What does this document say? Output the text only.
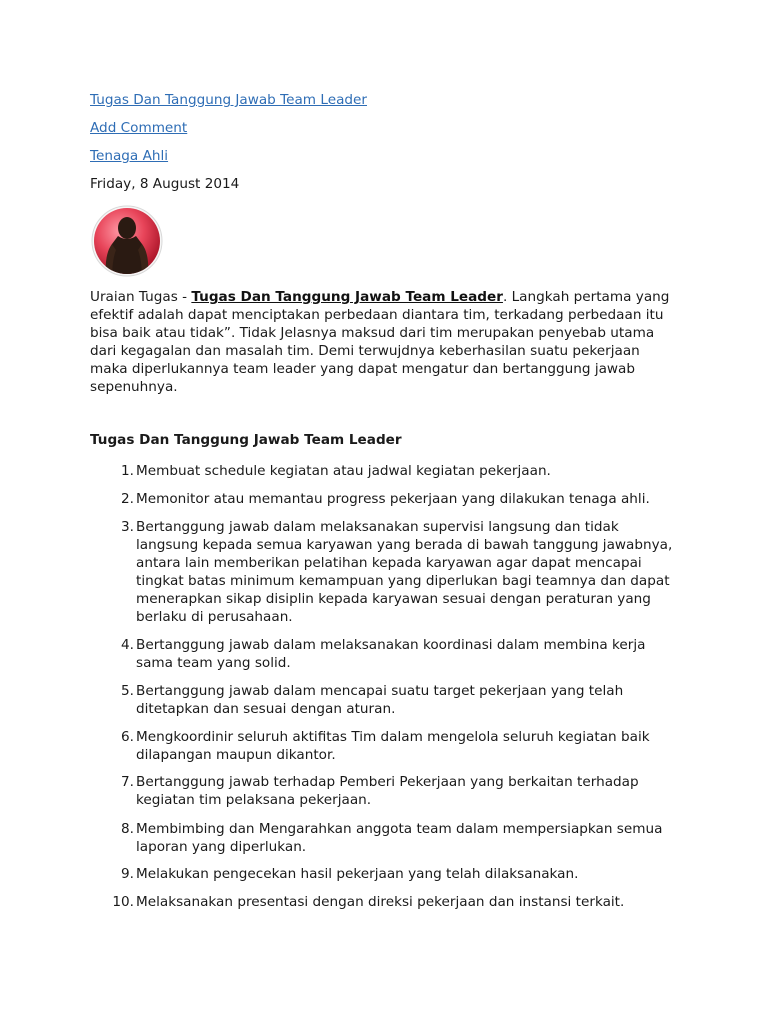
Tugas Dan Tanggung Jawab Team Leader
Add Comment
Tenaga Ahli
Friday, 8 August 2014
Uraian Tugas - Tugas Dan Tanggung Jawab Team Leader. Langkah pertama yang efektif adalah dapat menciptakan perbedaan diantara tim, terkadang perbedaan itu bisa baik atau tidak”. Tidak Jelasnya maksud dari tim merupakan penyebab utama dari kegagalan dan masalah tim. Demi terwujdnya keberhasilan suatu pekerjaan maka diperlukannya team leader yang dapat mengatur dan bertanggung jawab sepenuhnya.
Tugas Dan Tanggung Jawab Team Leader
1. Membuat schedule kegiatan atau jadwal kegiatan pekerjaan.
2. Memonitor atau memantau progress pekerjaan yang dilakukan tenaga ahli.
3. Bertanggung jawab dalam melaksanakan supervisi langsung dan tidak langsung kepada semua karyawan yang berada di bawah tanggung jawabnya, antara lain memberikan pelatihan kepada karyawan agar dapat mencapai tingkat batas minimum kemampuan yang diperlukan bagi teamnya dan dapat menerapkan sikap disiplin kepada karyawan sesuai dengan peraturan yang berlaku di perusahaan.
4. Bertanggung jawab dalam melaksanakan koordinasi dalam membina kerja sama team yang solid.
5. Bertanggung jawab dalam mencapai suatu target pekerjaan yang telah ditetapkan dan sesuai dengan aturan.
6. Mengkoordinir seluruh aktifitas Tim dalam mengelola seluruh kegiatan baik dilapangan maupun dikantor.
7. Bertanggung jawab terhadap Pemberi Pekerjaan yang berkaitan terhadap kegiatan tim pelaksana pekerjaan.
8. Membimbing dan Mengarahkan anggota team dalam mempersiapkan semua laporan yang diperlukan.
9. Melakukan pengecekan hasil pekerjaan yang telah dilaksanakan.
10. Melaksanakan presentasi dengan direksi pekerjaan dan instansi terkait.
